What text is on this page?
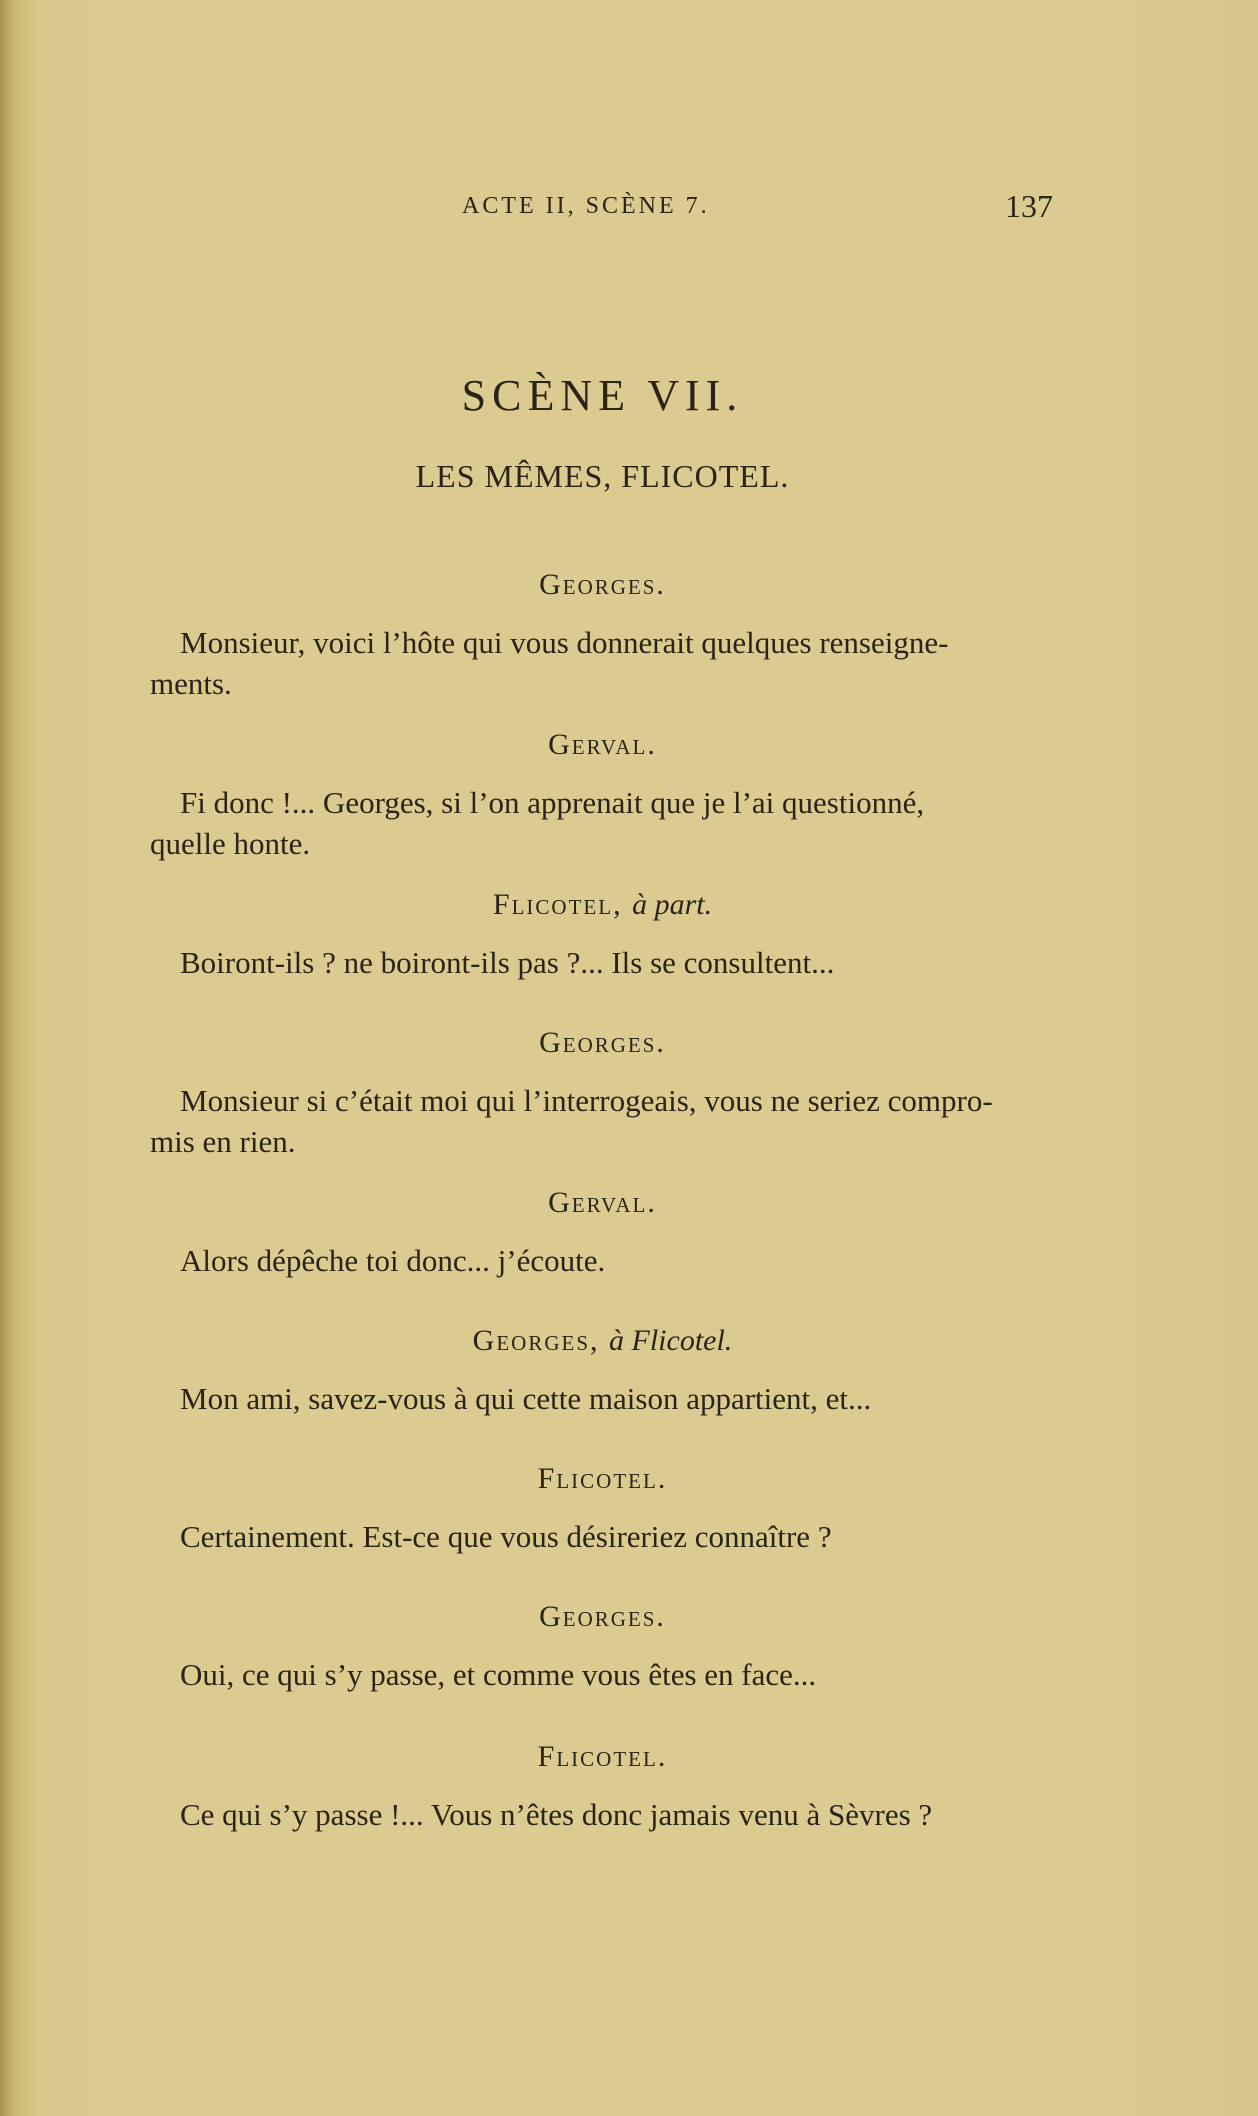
ACTE II, SCÈNE 7.	137
SCÈNE VII.
LES MÊMES, FLICOTEL.
Georges.
Monsieur, voici l’hôte qui vous donnerait quelques renseigne-
ments.
Gerval.
Fi donc !... Georges, si l’on apprenait que je l’ai questionné,
quelle honte.
Flicotel, à part.
Boiront-ils ? ne boiront-ils pas ?... Ils se consultent...
Georges.
Monsieur si c’était moi qui l’interrogeais, vous ne seriez compro-
mis en rien.
Gerval.
Alors dépêche toi donc... j’écoute.
Georges, à Flicotel.
Mon ami, savez-vous à qui cette maison appartient, et...
Flicotel.
Certainement. Est-ce que vous désireriez connaître ?
Georges.
Oui, ce qui s’y passe, et comme vous êtes en face...
Flicotel.
Ce qui s’y passe !... Vous n’êtes donc jamais venu à Sèvres ?
